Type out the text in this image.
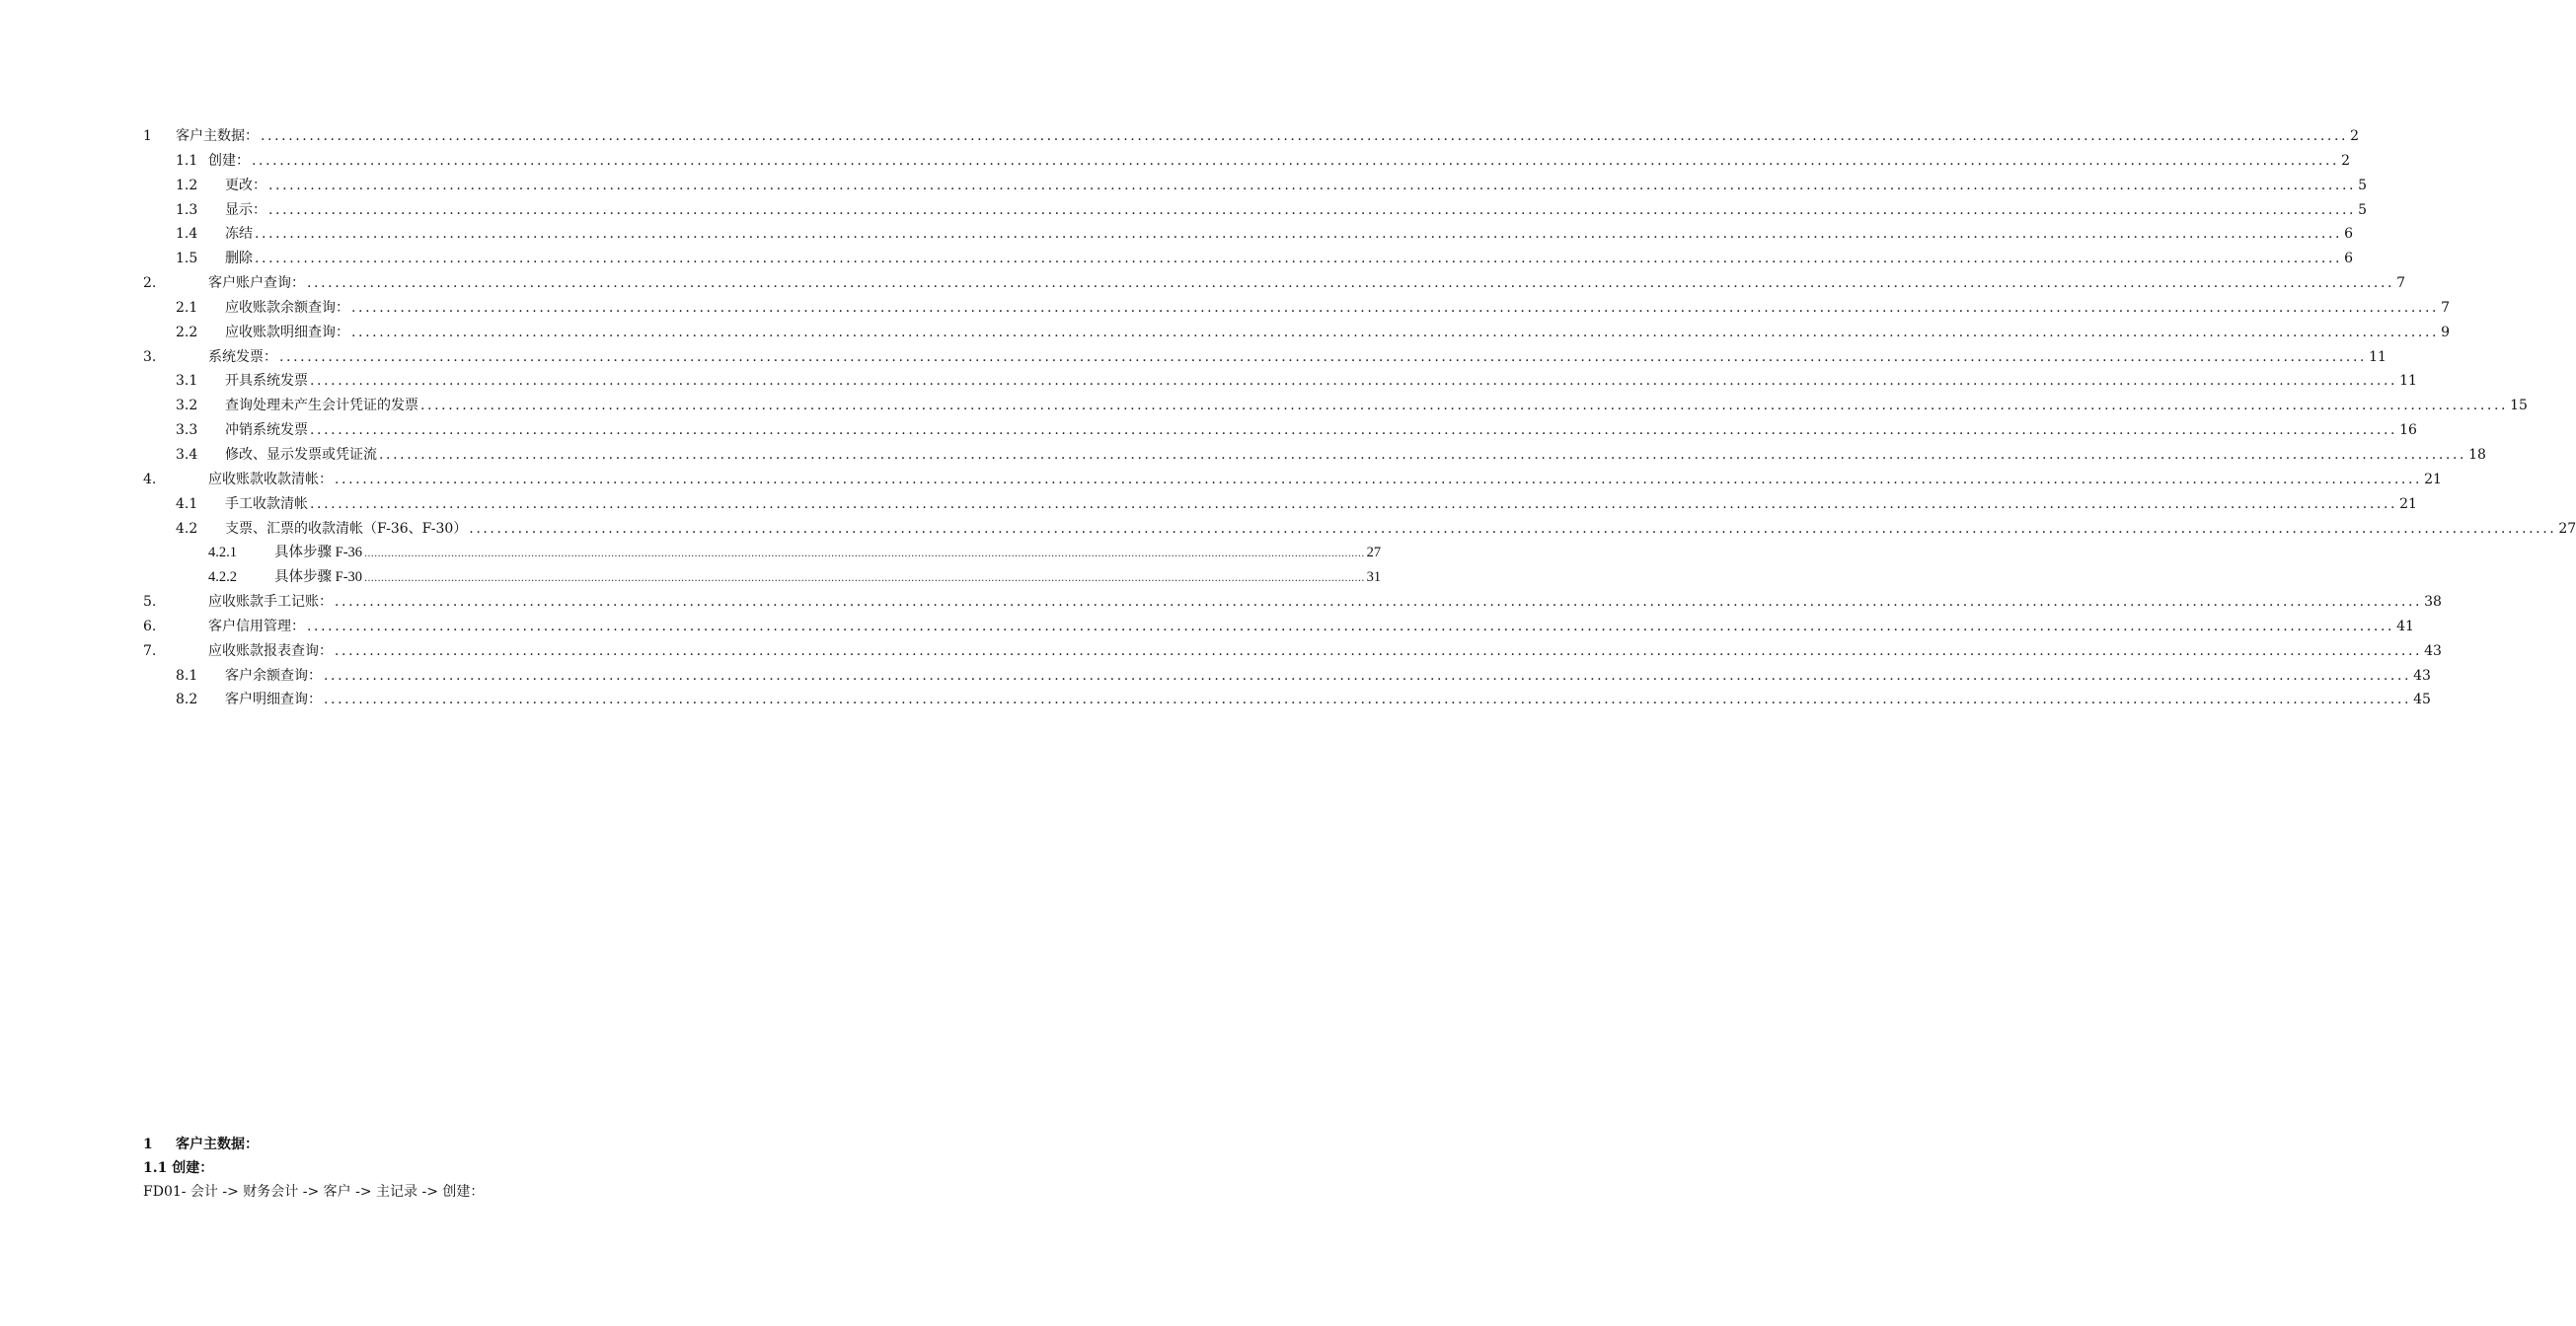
1 客户主数据： ............................................................................................................................................................................................................................................................................................................ 2
1.1 创建： ............................................................................................................................................................................................................................................................................................................ 2
1.2 更改： ............................................................................................................................................................................................................................................................................................................ 5
1.3 显示： ............................................................................................................................................................................................................................................................................................................ 5
1.4 冻结 ............................................................................................................................................................................................................................................................................................................ 6
1.5 删除 ............................................................................................................................................................................................................................................................................................................ 6
2.	客户账户查询： ............................................................................................................................................................................................................................................................................................................ 7
2.1 应收账款余额查询： ............................................................................................................................................................................................................................................................................................................ 7
2.2 应收账款明细查询： ............................................................................................................................................................................................................................................................................................................ 9
3.	系统发票： ............................................................................................................................................................................................................................................................................................................ 11
3.1 开具系统发票 ............................................................................................................................................................................................................................................................................................................ 11
3.2 查询处理未产生会计凭证的发票 ............................................................................................................................................................................................................................................................................................................ 15
3.3 冲销系统发票 ............................................................................................................................................................................................................................................................................................................ 16
3.4 修改、显示发票或凭证流 ............................................................................................................................................................................................................................................................................................................ 18
4.	应收账款收款清帐： ............................................................................................................................................................................................................................................................................................................ 21
4.1 手工收款清帐 ............................................................................................................................................................................................................................................................................................................ 21
4.2 支票、汇票的收款清帐（F-36、F-30） ............................................................................................................................................................................................................................................................................................................ 27
4.2.1	具体步骤 F-36 ............................................................................................................................................................................................................................................................................................................ 27
4.2.2	具体步骤 F-30 ............................................................................................................................................................................................................................................................................................................ 31
5.	应收账款手工记账： ............................................................................................................................................................................................................................................................................................................ 38
6.	客户信用管理： ............................................................................................................................................................................................................................................................................................................ 41
7.	应收账款报表查询： ............................................................................................................................................................................................................................................................................................................ 43
8.1 客户余额查询： ............................................................................................................................................................................................................................................................................................................ 43
8.2 客户明细查询： ............................................................................................................................................................................................................................................................................................................ 45
1 客户主数据：
1.1 创建：
FD01- 会计 -> 财务会计 -> 客户 -> 主记录 -> 创建：
